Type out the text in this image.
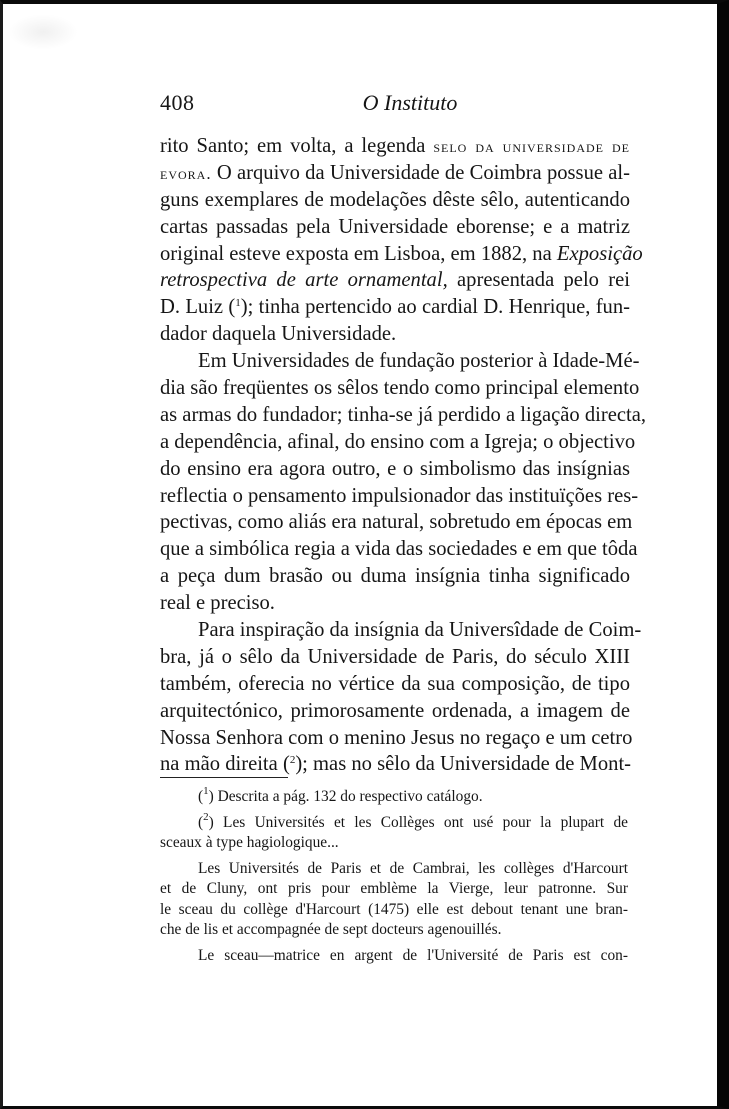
408	O Instituto
rito Santo; em volta, a legenda selo da universidade de
evora. O arquivo da Universidade de Coimbra possue al-
guns exemplares de modelações dêste sêlo, autenticando
cartas passadas pela Universidade eborense; e a matriz
original esteve exposta em Lisboa, em 1882, na Exposição
retrospectiva de arte ornamental, apresentada pelo rei
D. Luiz ($^1$); tinha pertencido ao cardial D. Henrique, fun-
dador daquela Universidade.
Em Universidades de fundação posterior à Idade-Mé-
dia são freqüentes os sêlos tendo como principal elemento
as armas do fundador; tinha-se já perdido a ligação directa,
a dependência, afinal, do ensino com a Igreja; o objectivo
do ensino era agora outro, e o simbolismo das insígnias
reflectia o pensamento impulsionador das instituïções res-
pectivas, como aliás era natural, sobretudo em épocas em
que a simbólica regia a vida das sociedades e em que tôda
a peça dum brasão ou duma insígnia tinha significado
real e preciso.
Para inspiração da insígnia da Universîdade de Coim-
bra, já o sêlo da Universidade de Paris, do século XIII
também, oferecia no vértice da sua composição, de tipo
arquitectónico, primorosamente ordenada, a imagem de
Nossa Senhora com o menino Jesus no regaço e um cetro
na mão direita ($^2$); mas no sêlo da Universidade de Mont-
($^1$) Descrita a pág. 132 do respectivo catálogo.
($^2$) Les Universités et les Collèges ont usé pour la plupart de
sceaux à type hagiologique...
Les Universités de Paris et de Cambrai, les collèges d'Harcourt
et de Cluny, ont pris pour emblème la Vierge, leur patronne. Sur
le sceau du collège d'Harcourt (1475) elle est debout tenant une bran-
che de lis et accompagnée de sept docteurs agenouillés.
Le sceau—matrice en argent de l'Université de Paris est con-
